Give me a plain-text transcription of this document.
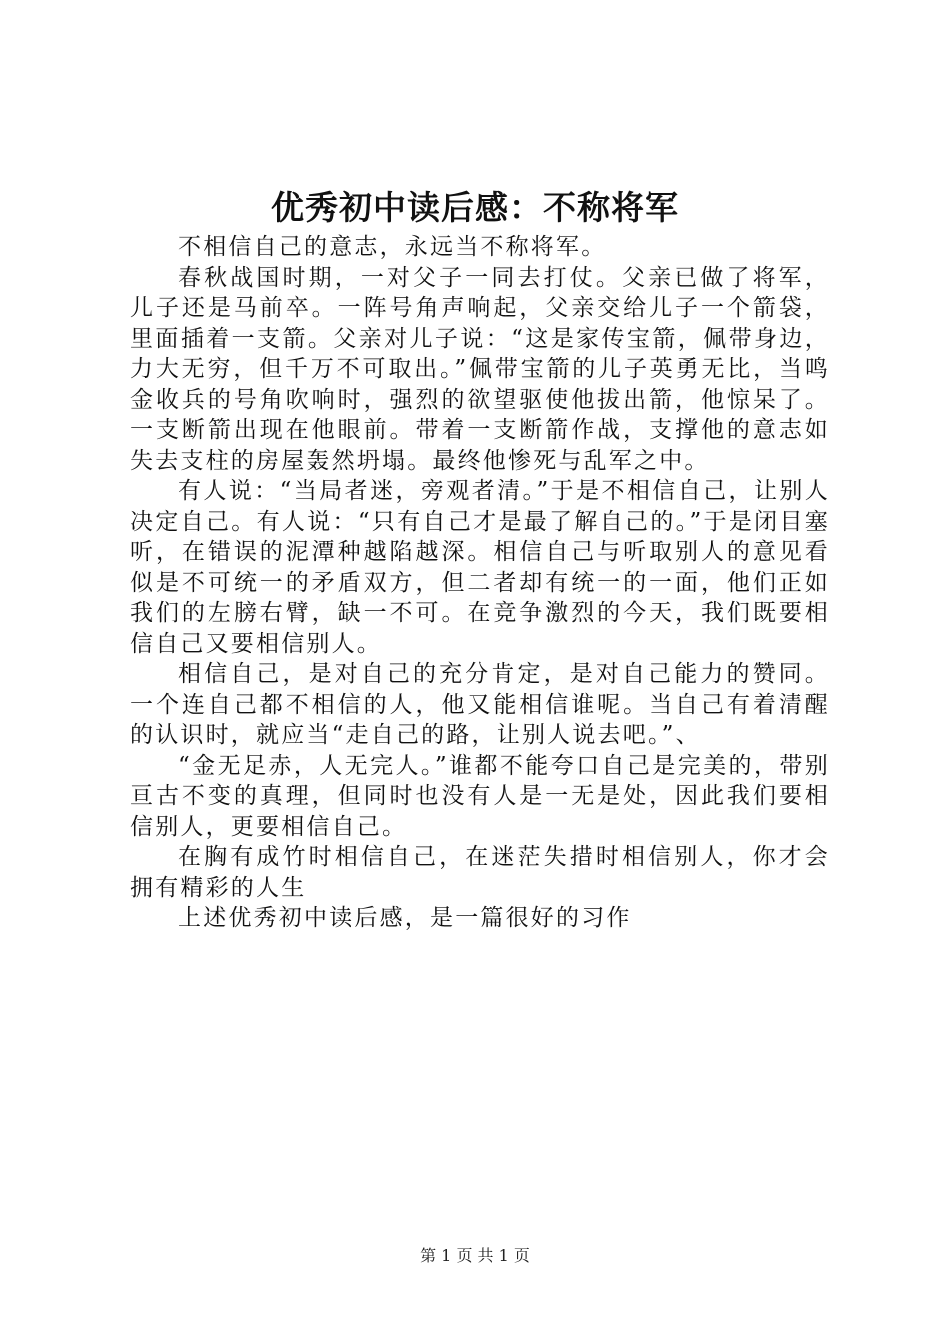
优秀初中读后感：不称将军

不相信自己的意志，永远当不称将军。

春秋战国时期，一对父子一同去打仗。父亲已做了将军，儿子还是马前卒。一阵号角声响起，父亲交给儿子一个箭袋，里面插着一支箭。父亲对儿子说：“这是家传宝箭，佩带身边，力大无穷，但千万不可取出。”佩带宝箭的儿子英勇无比，当鸣金收兵的号角吹响时，强烈的欲望驱使他拔出箭，他惊呆了。一支断箭出现在他眼前。带着一支断箭作战，支撑他的意志如失去支柱的房屋轰然坍塌。最终他惨死与乱军之中。

有人说：“当局者迷，旁观者清。”于是不相信自己，让别人决定自己。有人说：“只有自己才是最了解自己的。”于是闭目塞听，在错误的泥潭种越陷越深。相信自己与听取别人的意见看似是不可统一的矛盾双方，但二者却有统一的一面，他们正如我们的左膀右臂，缺一不可。在竞争激烈的今天，我们既要相信自己又要相信别人。

相信自己，是对自己的充分肯定，是对自己能力的赞同。一个连自己都不相信的人，他又能相信谁呢。当自己有着清醒的认识时，就应当“走自己的路，让别人说去吧。”、

“金无足赤，人无完人。”谁都不能夸口自己是完美的，带别亘古不变的真理，但同时也没有人是一无是处，因此我们要相信别人，更要相信自己。

在胸有成竹时相信自己，在迷茫失措时相信别人，你才会拥有精彩的人生

上述优秀初中读后感，是一篇很好的习作

第 1 页 共 1 页
